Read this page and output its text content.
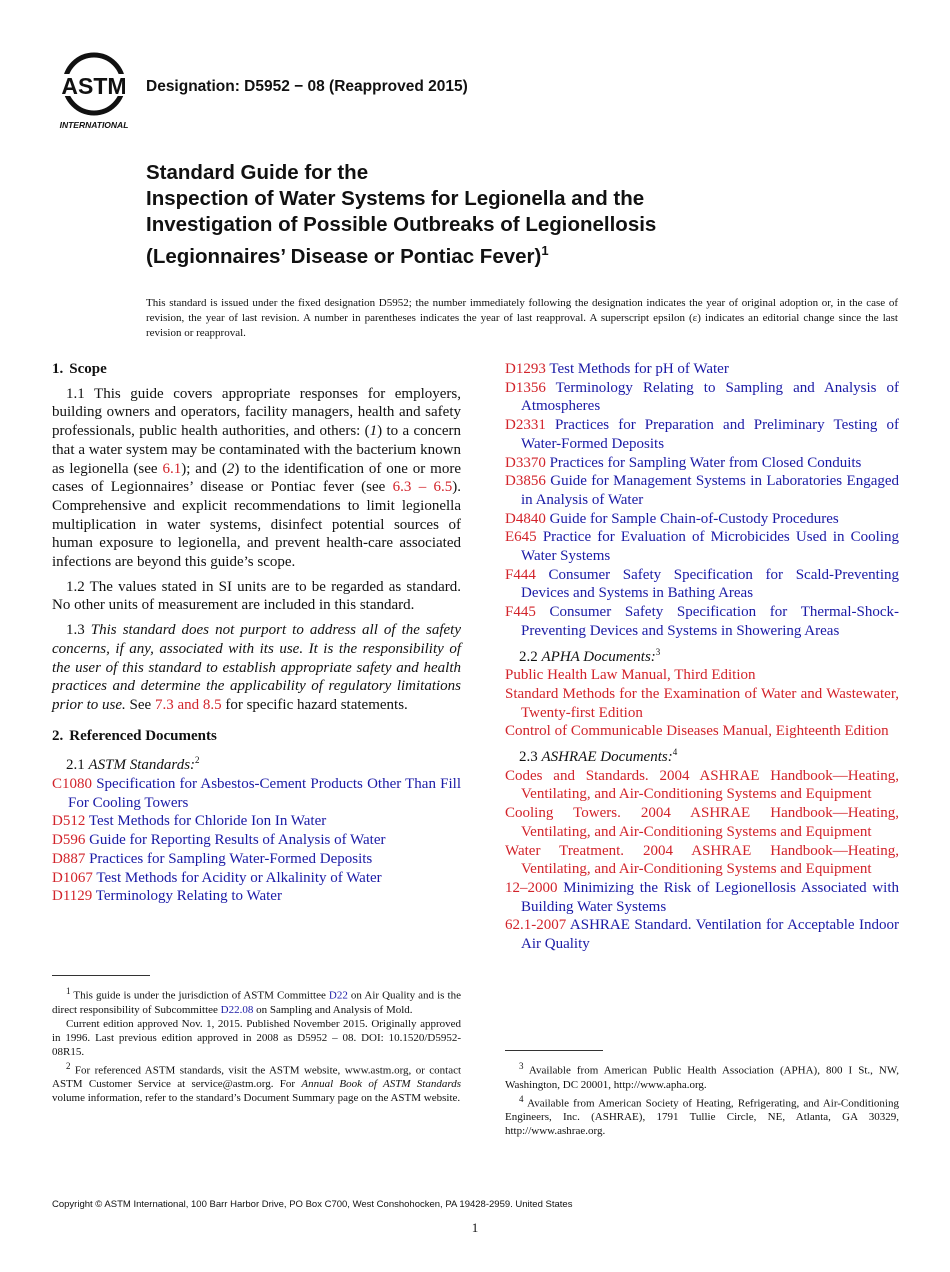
ASTM
INTERNATIONAL
Designation: D5952 − 08 (Reapproved 2015)
Standard Guide for the
Inspection of Water Systems for Legionella and the
Investigation of Possible Outbreaks of Legionellosis
(Legionnaires’ Disease or Pontiac Fever)$^1$
This standard is issued under the fixed designation D5952; the number immediately following the designation indicates the year of original adoption or, in the case of revision, the year of last revision. A number in parentheses indicates the year of last reapproval. A superscript epsilon (ε) indicates an editorial change since the last revision or reapproval.
1. Scope

1.1 This guide covers appropriate responses for employers, building owners and operators, facility managers, health and safety professionals, public health authorities, and others: (1) to a concern that a water system may be contaminated with the bacterium known as legionella (see 6.1); and (2) to the identification of one or more cases of Legionnaires’ disease or Pontiac fever (see 6.3 – 6.5). Comprehensive and explicit recommendations to limit legionella multiplication in water systems, disinfect potential sources of human exposure to legionella, and prevent health-care associated infections are beyond this guide’s scope.

1.2 The values stated in SI units are to be regarded as standard. No other units of measurement are included in this standard.

1.3 This standard does not purport to address all of the safety concerns, if any, associated with its use. It is the responsibility of the user of this standard to establish appropriate safety and health practices and determine the applicability of regulatory limitations prior to use. See 7.3 and 8.5 for specific hazard statements.

2. Referenced Documents
2.1 ASTM Standards:$^2$

C1080 Specification for Asbestos-Cement Products Other Than Fill For Cooling Towers

D512 Test Methods for Chloride Ion In Water

D596 Guide for Reporting Results of Analysis of Water

D887 Practices for Sampling Water-Formed Deposits

D1067 Test Methods for Acidity or Alkalinity of Water

D1129 Terminology Relating to Water

D1293 Test Methods for pH of Water

D1356 Terminology Relating to Sampling and Analysis of Atmospheres

D2331 Practices for Preparation and Preliminary Testing of Water-Formed Deposits

D3370 Practices for Sampling Water from Closed Conduits

D3856 Guide for Management Systems in Laboratories Engaged in Analysis of Water

D4840 Guide for Sample Chain-of-Custody Procedures

E645 Practice for Evaluation of Microbicides Used in Cooling Water Systems

F444 Consumer Safety Specification for Scald-Preventing Devices and Systems in Bathing Areas

F445 Consumer Safety Specification for Thermal-Shock-Preventing Devices and Systems in Showering Areas

2.2 APHA Documents:$^3$

Public Health Law Manual, Third Edition

Standard Methods for the Examination of Water and Wastewater, Twenty-first Edition

Control of Communicable Diseases Manual, Eighteenth Edition

2.3 ASHRAE Documents:$^4$

Codes and Standards. 2004 ASHRAE Handbook—Heating, Ventilating, and Air-Conditioning Systems and Equipment

Cooling Towers. 2004 ASHRAE Handbook—Heating, Ventilating, and Air-Conditioning Systems and Equipment

Water Treatment. 2004 ASHRAE Handbook—Heating, Ventilating, and Air-Conditioning Systems and Equipment

12–2000 Minimizing the Risk of Legionellosis Associated with Building Water Systems

62.1-2007 ASHRAE Standard. Ventilation for Acceptable Indoor Air Quality

$^1$ This guide is under the jurisdiction of ASTM Committee D22 on Air Quality and is the direct responsibility of Subcommittee D22.08 on Sampling and Analysis of Mold.

Current edition approved Nov. 1, 2015. Published November 2015. Originally approved in 1996. Last previous edition approved in 2008 as D5952 – 08. DOI: 10.1520/D5952-08R15.

$^2$ For referenced ASTM standards, visit the ASTM website, www.astm.org, or contact ASTM Customer Service at service@astm.org. For Annual Book of ASTM Standards volume information, refer to the standard’s Document Summary page on the ASTM website.

$^3$ Available from American Public Health Association (APHA), 800 I St., NW, Washington, DC 20001, http://www.apha.org.

$^4$ Available from American Society of Heating, Refrigerating, and Air-Conditioning Engineers, Inc. (ASHRAE), 1791 Tullie Circle, NE, Atlanta, GA 30329, http://www.ashrae.org.

Copyright © ASTM International, 100 Barr Harbor Drive, PO Box C700, West Conshohocken, PA 19428-2959. United States
1
